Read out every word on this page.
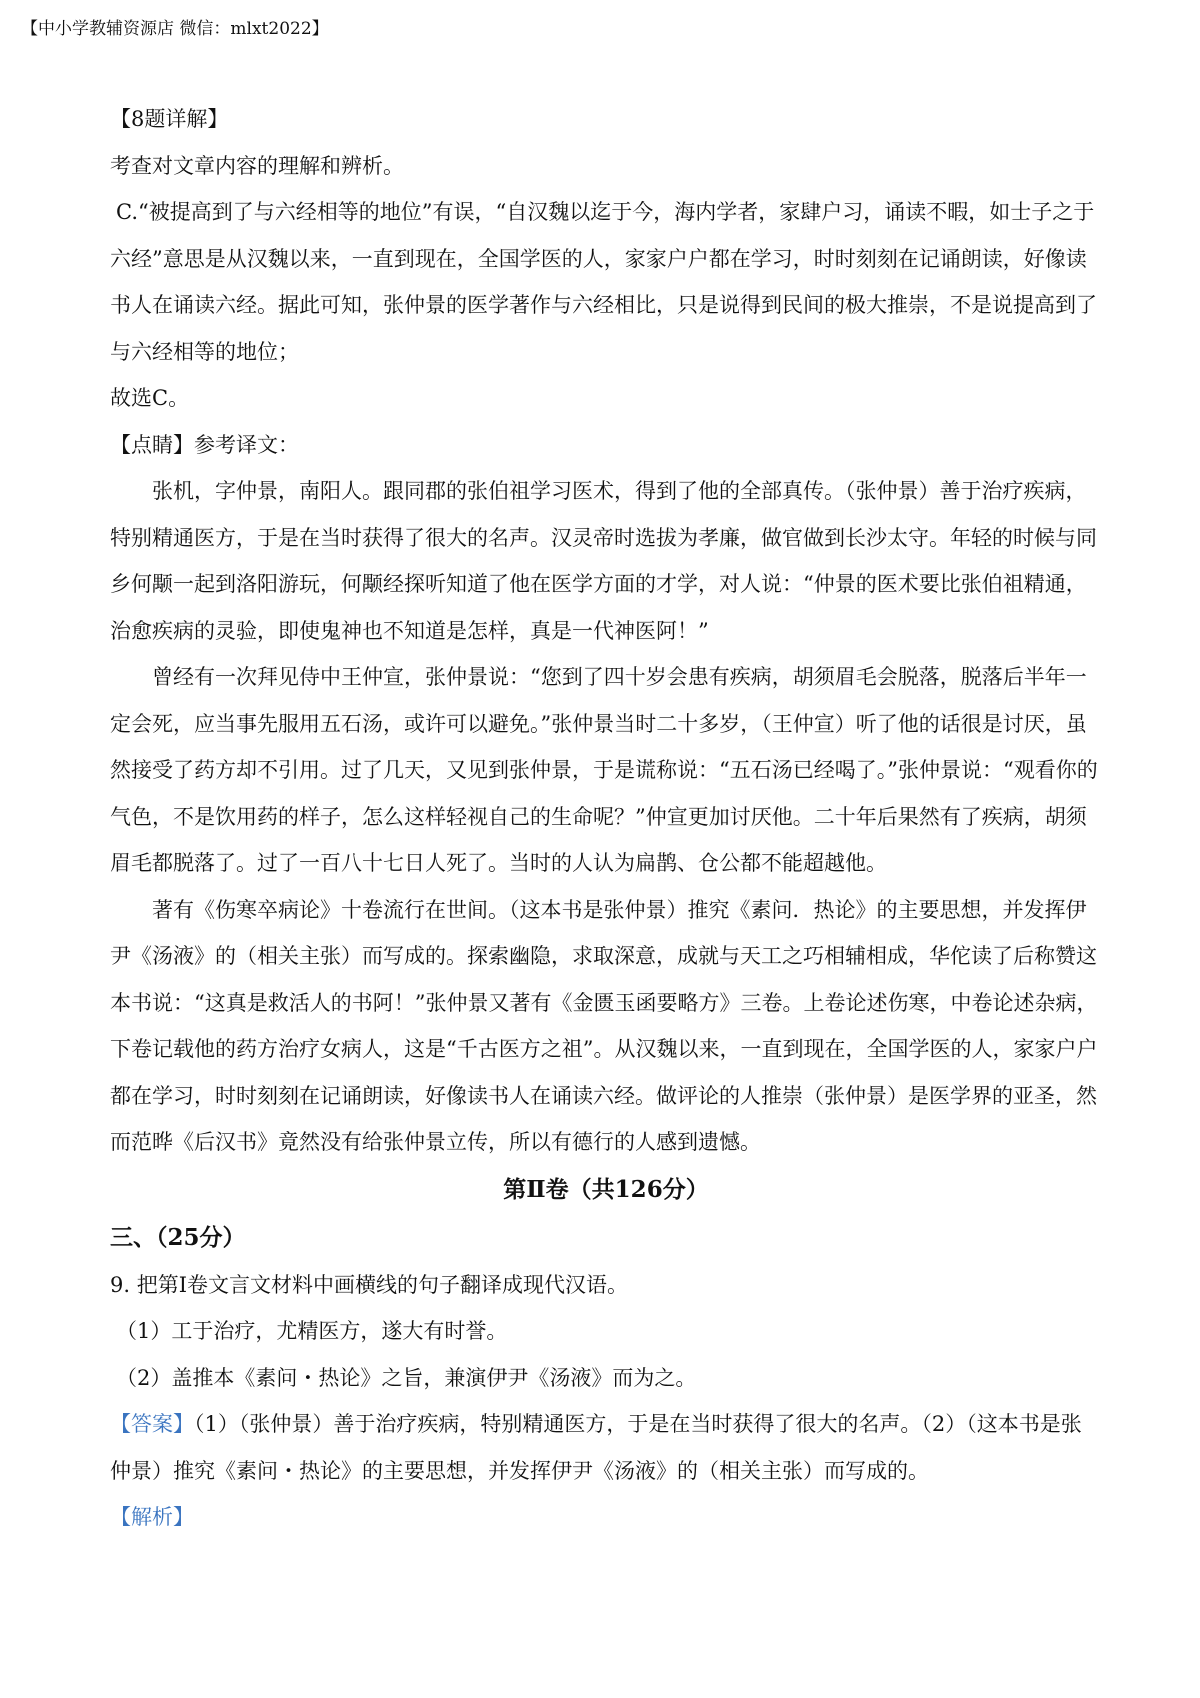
【中小学教辅资源店 微信：mlxt2022】

【8题详解】

考查对文章内容的理解和辨析。

C.“被提高到了与六经相等的地位”有误，“自汉魏以迄于今，海内学者，家肆户习，诵读不暇，如士子之于六经”意思是从汉魏以来，一直到现在，全国学医的人，家家户户都在学习，时时刻刻在记诵朗读，好像读书人在诵读六经。据此可知，张仲景的医学著作与六经相比，只是说得到民间的极大推崇，不是说提高到了与六经相等的地位；

故选C。

【点睛】参考译文：

张机，字仲景，南阳人。跟同郡的张伯祖学习医术，得到了他的全部真传。（张仲景）善于治疗疾病，特别精通医方，于是在当时获得了很大的名声。汉灵帝时选拔为孝廉，做官做到长沙太守。年轻的时候与同乡何颙一起到洛阳游玩，何颙经探听知道了他在医学方面的才学，对人说：“仲景的医术要比张伯祖精通，治愈疾病的灵验，即使鬼神也不知道是怎样，真是一代神医阿！”

曾经有一次拜见侍中王仲宣，张仲景说：“您到了四十岁会患有疾病，胡须眉毛会脱落，脱落后半年一定会死，应当事先服用五石汤，或许可以避免。”张仲景当时二十多岁，（王仲宣）听了他的话很是讨厌，虽然接受了药方却不引用。过了几天，又见到张仲景，于是谎称说：“五石汤已经喝了。”张仲景说：“观看你的气色，不是饮用药的样子，怎么这样轻视自己的生命呢？”仲宣更加讨厌他。二十年后果然有了疾病，胡须眉毛都脱落了。过了一百八十七日人死了。当时的人认为扁鹊、仓公都不能超越他。

著有《伤寒卒病论》十卷流行在世间。（这本书是张仲景）推究《素问．热论》的主要思想，并发挥伊尹《汤液》的（相关主张）而写成的。探索幽隐，求取深意，成就与天工之巧相辅相成，华佗读了后称赞这本书说：“这真是救活人的书阿！”张仲景又著有《金匮玉函要略方》三卷。上卷论述伤寒，中卷论述杂病，下卷记载他的药方治疗女病人，这是“千古医方之祖”。从汉魏以来，一直到现在，全国学医的人，家家户户都在学习，时时刻刻在记诵朗读，好像读书人在诵读六经。做评论的人推崇（张仲景）是医学界的亚圣，然而范晔《后汉书》竟然没有给张仲景立传，所以有德行的人感到遗憾。

第Ⅱ卷（共126分）

三、（25分）

9. 把第Ⅰ卷文言文材料中画横线的句子翻译成现代汉语。

（1）工于治疗，尤精医方，遂大有时誉。

（2）盖推本《素问・热论》之旨，兼演伊尹《汤液》而为之。

【答案】（1）（张仲景）善于治疗疾病，特别精通医方，于是在当时获得了很大的名声。（2）（这本书是张仲景）推究《素问・热论》的主要思想，并发挥伊尹《汤液》的（相关主张）而写成的。

【解析】
